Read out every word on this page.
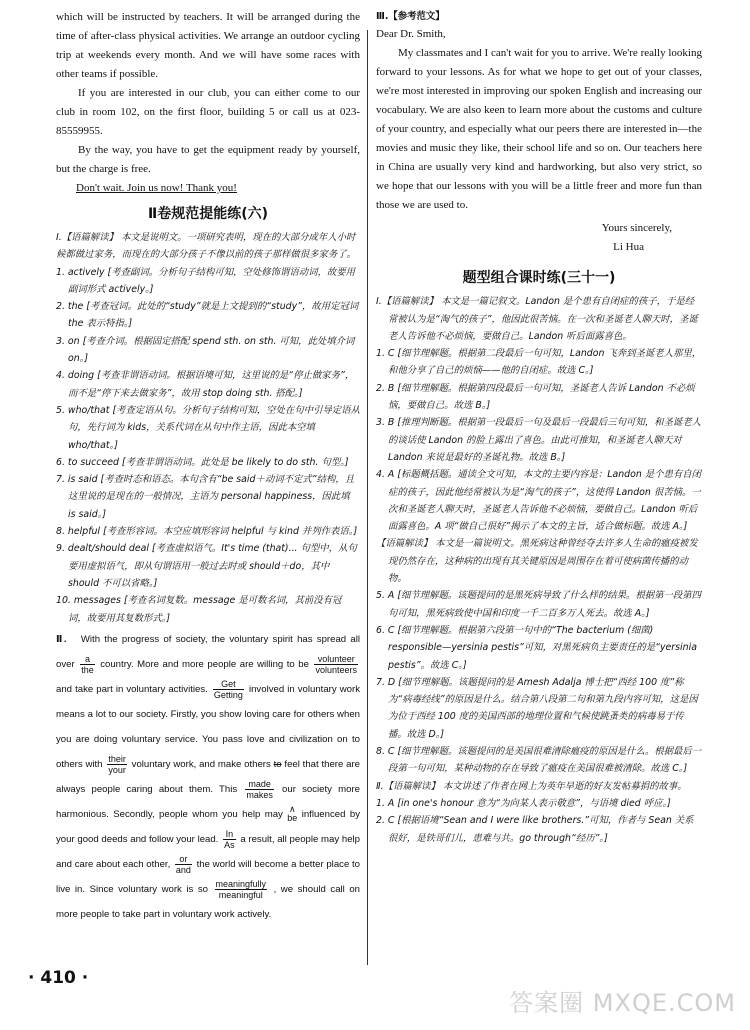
which will be instructed by teachers. It will be arranged during the time of after-class physical activities. We arrange an outdoor cycling trip at weekends every month. And we will have some races with other teams if possible.

If you are interested in our club, you can either come to our club in room 102, on the first floor, building 5 or call us at 023-85559955.

By the way, you have to get the equipment ready by yourself, but the charge is free.

Don't wait. Join us now! Thank you!

Ⅱ卷规范提能练(六)

Ⅰ.【语篇解读】 本文是说明文。一项研究表明，现在的大部分成年人小时候都做过家务，而现在的大部分孩子不像以前的孩子那样做很多家务了。

1. actively [考查副词。分析句子结构可知，空处修饰谓语动词，故要用副词形式 actively。]

2. the [考查冠词。此处的“study”就是上文提到的“study”，故用定冠词 the 表示特指。]

3. on [考查介词。根据固定搭配 spend sth. on sth. 可知，此处填介词 on。]

4. doing [考查非谓语动词。根据语境可知，这里说的是“停止做家务”，而不是“停下来去做家务”，故用 stop doing sth. 搭配。]

5. who/that [考查定语从句。分析句子结构可知，空处在句中引导定语从句，先行词为 kids，关系代词在从句中作主语，因此本空填 who/that。]

6. to succeed [考查非谓语动词。此处是 be likely to do sth. 句型。]

7. is said [考查时态和语态。本句含有“be said＋动词不定式”结构，且这里说的是现在的一般情况，主语为 personal happiness，因此填 is said。]

8. helpful [考查形容词。本空应填形容词 helpful 与 kind 并列作表语。]

9. dealt/should deal [考查虚拟语气。It's time (that)... 句型中，从句要用虚拟语气，即从句谓语用一般过去时或 should＋do，其中 should 不可以省略。]

10. messages [考查名词复数。message 是可数名词，其前没有冠词，故要用其复数形式。]

Ⅱ. With the progress of society, the voluntary spirit has spread all over
a
the country. More and more people are willing to be
volunteer
volunteers
and take part in voluntary activities.
Get
Getting involved in voluntary work means a lot to our society. Firstly, you show loving care for others when you are doing voluntary service. You pass love and civilization on to others with
their
your voluntary work, and make others to feel that there are always people caring about them. This
made
makes our society more harmonious. Secondly, people whom you help may ∧
be influenced by your good deeds and follow your lead. $\frac{In}{As}$ a result, all people may help and care about each other,
or
and the world will become a better place to live in. Since voluntary work is so
meaningfully
meaningful	, we should call on more people to take part in voluntary work actively.

Ⅲ.【参考范文】

Dear Dr. Smith,

My classmates and I can't wait for you to arrive. We're really looking forward to your lessons. As for what we hope to get out of your classes, we're most interested in improving our spoken English and increasing our vocabulary. We are also keen to learn more about the customs and culture of your country, and especially what our peers there are interested in—the movies and music they like, their school life and so on. Our teachers here in China are usually very kind and hardworking, but also very strict, so we hope that our lessons with you will be a little freer and more fun than those we are used to.

Yours sincerely,

Li Hua

题型组合课时练(三十一)

Ⅰ.【语篇解读】 本文是一篇记叙文。Landon 是个患有自闭症的孩子，于是经常被认为是“淘气的孩子”，他因此很苦恼。在一次和圣诞老人聊天时，圣诞老人告诉他不必烦恼，要做自己。Landon 听后面露喜色。

1. C [细节理解题。根据第二段最后一句可知，Landon 飞奔到圣诞老人那里，和他分享了自己的烦恼——他的自闭症。故选 C。]

2. B [细节理解题。根据第四段最后一句可知，圣诞老人告诉 Landon 不必烦恼，要做自己。故选 B。]

3. B [推理判断题。根据第一段最后一句及最后一段最后三句可知，和圣诞老人的谈话使 Landon 的脸上露出了喜色。由此可推知，和圣诞老人聊天对 Landon 来说是最好的圣诞礼物。故选 B。]

4. A [标题概括题。通读全文可知，本文的主要内容是：Landon 是个患有自闭症的孩子，因此他经常被认为是“淘气的孩子”，这使得 Landon 很苦恼。一次和圣诞老人聊天时，圣诞老人告诉他不必烦恼，要做自己。Landon 听后面露喜色。A 项“做自己很好”揭示了本文的主旨，适合做标题。故选 A。]

【语篇解读】 本文是一篇说明文。黑死病这种曾经夺去许多人生命的瘟疫被发现仍然存在，这种病的出现有其关键原因是周围存在着可使病菌传播的动物。

5. A [细节理解题。该题提问的是黑死病导致了什么样的结果。根据第一段第四句可知，黑死病致使中国和印度一千二百多万人死去。故选 A。]

6. C [细节理解题。根据第六段第一句中的“The bacterium (细菌) responsible—yersinia pestis”可知，对黑死病负主要责任的是“yersinia pestis”。故选 C。]

7. D [细节理解题。该题提问的是 Amesh Adalja 博士把“西经 100 度”称为“病毒经线”的原因是什么。结合第八段第二句和第九段内容可知，这是因为位于西经 100 度的美国西部的地理位置和气候使跳蚤类的病毒易于传播。故选 D。]

8. C [细节理解题。该题提问的是美国很难清除瘟疫的原因是什么。根据最后一段第一句可知，某种动物的存在导致了瘟疫在美国很难被清除。故选 C。]

Ⅱ.【语篇解读】 本文讲述了作者在网上为英年早逝的好友发帖募捐的故事。

1. A [in one's honour 意为“为向某人表示敬意”，与语境 died 呼应。]

2. C [根据语境“Sean and I were like brothers.”可知，作者与 Sean 关系很好，是铁哥们儿，患难与共。go through“经历”。]

· 410 ·
答案圈 MXQE.COM
